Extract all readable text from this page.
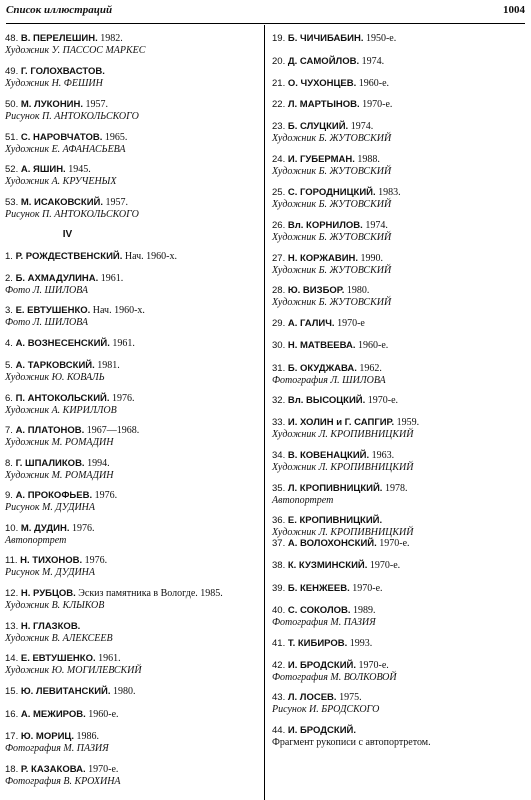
Список иллюстраций	1004
48. В. ПЕРЕЛЕШИН. 1982.
Художник У. ПАССОС МАРКЕС
49. Г. ГОЛОХВАСТОВ.
Художник Н. ФЕШИН
50. М. ЛУКОНИН. 1957.
Рисунок П. АНТОКОЛЬСКОГО
51. С. НАРОВЧАТОВ. 1965.
Художник Е. АФАНАСЬЕВА
52. А. ЯШИН. 1945.
Художник А. КРУЧЕНЫХ
53. М. ИСАКОВСКИЙ. 1957.
Рисунок П. АНТОКОЛЬСКОГО
IV
1. Р. РОЖДЕСТВЕНСКИЙ. Нач. 1960-х.
2. Б. АХМАДУЛИНА. 1961.
Фото Л. ШИЛОВА
3. Е. ЕВТУШЕНКО. Нач. 1960-х.
Фото Л. ШИЛОВА
4. А. ВОЗНЕСЕНСКИЙ. 1961.
5. А. ТАРКОВСКИЙ. 1981.
Художник Ю. КОВАЛЬ
6. П. АНТОКОЛЬСКИЙ. 1976.
Художник А. КИРИЛЛОВ
7. А. ПЛАТОНОВ. 1967—1968.
Художник М. РОМАДИН
8. Г. ШПАЛИКОВ. 1994.
Художник М. РОМАДИН
9. А. ПРОКОФЬЕВ. 1976.
Рисунок М. ДУДИНА
10. М. ДУДИН. 1976.
Автопортрет
11. Н. ТИХОНОВ. 1976.
Рисунок М. ДУДИНА
12. Н. РУБЦОВ. Эскиз памятника в Вологде. 1985.
Художник В. КЛЫКОВ
13. Н. ГЛАЗКОВ.
Художник В. АЛЕКСЕЕВ
14. Е. ЕВТУШЕНКО. 1961.
Художник Ю. МОГИЛЕВСКИЙ
15. Ю. ЛЕВИТАНСКИЙ. 1980.
16. А. МЕЖИРОВ. 1960-е.
17. Ю. МОРИЦ. 1986.
Фотография М. ПАЗИЯ
18. Р. КАЗАКОВА. 1970-е.
Фотография В. КРОХИНА
19. Б. ЧИЧИБАБИН. 1950-е.
20. Д. САМОЙЛОВ. 1974.
21. О. ЧУХОНЦЕВ. 1960-е.
22. Л. МАРТЫНОВ. 1970-е.
23. Б. СЛУЦКИЙ. 1974.
Художник Б. ЖУТОВСКИЙ
24. И. ГУБЕРМАН. 1988.
Художник Б. ЖУТОВСКИЙ
25. С. ГОРОДНИЦКИЙ. 1983.
Художник Б. ЖУТОВСКИЙ
26. Вл. КОРНИЛОВ. 1974.
Художник Б. ЖУТОВСКИЙ
27. Н. КОРЖАВИН. 1990.
Художник Б. ЖУТОВСКИЙ
28. Ю. ВИЗБОР. 1980.
Художник Б. ЖУТОВСКИЙ
29. А. ГАЛИЧ. 1970-е
30. Н. МАТВЕЕВА. 1960-е.
31. Б. ОКУДЖАВА. 1962.
Фотография Л. ШИЛОВА
32. Вл. ВЫСОЦКИЙ. 1970-е.
33. И. ХОЛИН и Г. САПГИР. 1959.
Художник Л. КРОПИВНИЦКИЙ
34. В. КОВЕНАЦКИЙ. 1963.
Художник Л. КРОПИВНИЦКИЙ
35. Л. КРОПИВНИЦКИЙ. 1978.
Автопортрет
36. Е. КРОПИВНИЦКИЙ.
Художник Л. КРОПИВНИЦКИЙ
37. А. ВОЛОХОНСКИЙ. 1970-е.
38. К. КУЗМИНСКИЙ. 1970-е.
39. Б. КЕНЖЕЕВ. 1970-е.
40. С. СОКОЛОВ. 1989.
Фотография М. ПАЗИЯ
41. Т. КИБИРОВ. 1993.
42. И. БРОДСКИЙ. 1970-е.
Фотография М. ВОЛКОВОЙ
43. Л. ЛОСЕВ. 1975.
Рисунок И. БРОДСКОГО
44. И. БРОДСКИЙ.
Фрагмент рукописи с автопортретом.
